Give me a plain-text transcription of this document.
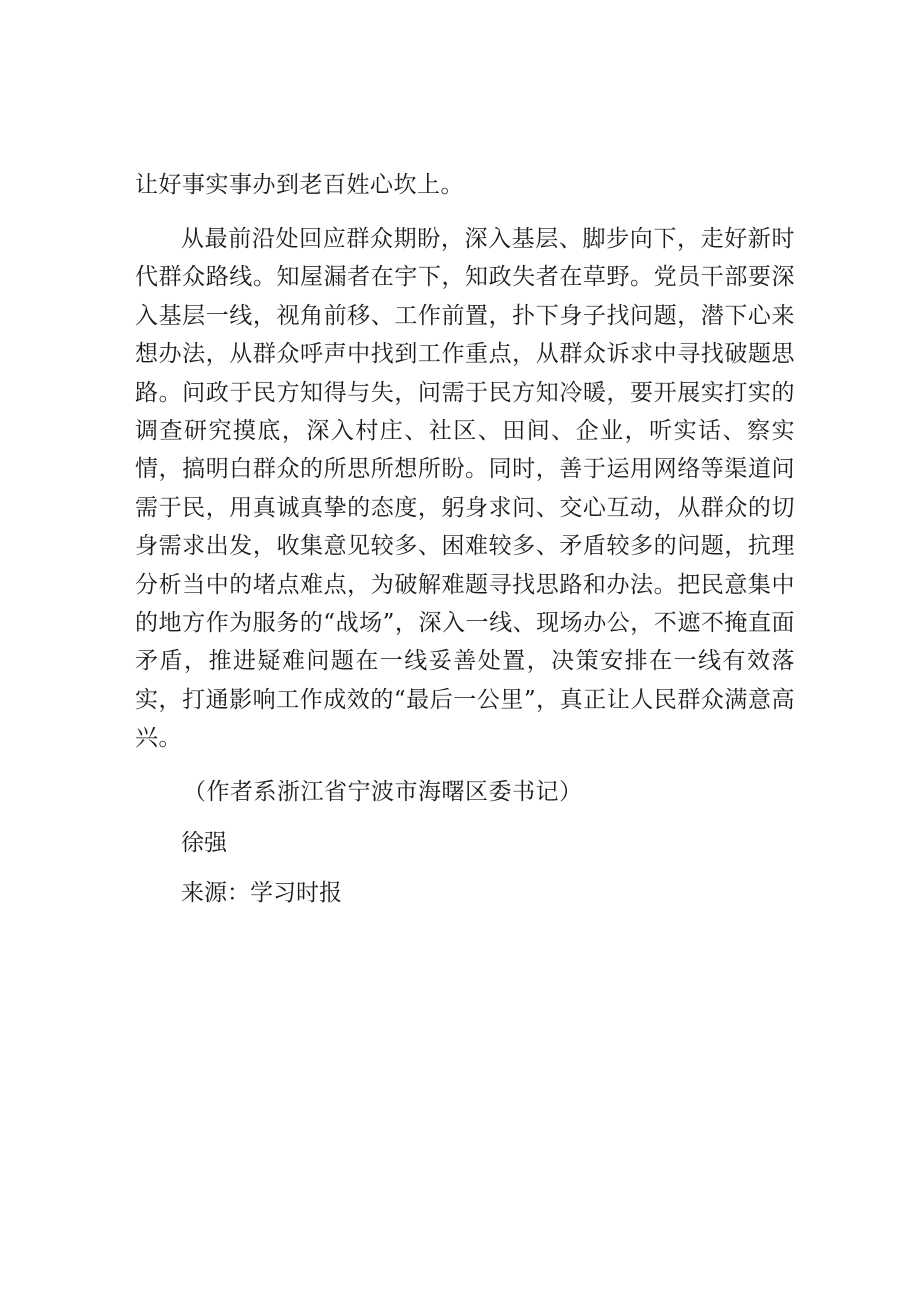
让好事实事办到老百姓心坎上。

从最前沿处回应群众期盼，深入基层、脚步向下，走好新时代群众路线。知屋漏者在宇下，知政失者在草野。党员干部要深入基层一线，视角前移、工作前置，扑下身子找问题，潜下心来想办法，从群众呼声中找到工作重点，从群众诉求中寻找破题思路。问政于民方知得与失，问需于民方知冷暖，要开展实打实的调查研究摸底，深入村庄、社区、田间、企业，听实话、察实情，搞明白群众的所思所想所盼。同时，善于运用网络等渠道问需于民，用真诚真挚的态度，躬身求问、交心互动，从群众的切身需求出发，收集意见较多、困难较多、矛盾较多的问题，抗理分析当中的堵点难点，为破解难题寻找思路和办法。把民意集中的地方作为服务的“战场”，深入一线、现场办公，不遮不掩直面矛盾，推进疑难问题在一线妥善处置，决策安排在一线有效落实，打通影响工作成效的“最后一公里”，真正让人民群众满意高兴。

（作者系浙江省宁波市海曙区委书记）

徐强

来源：学习时报
